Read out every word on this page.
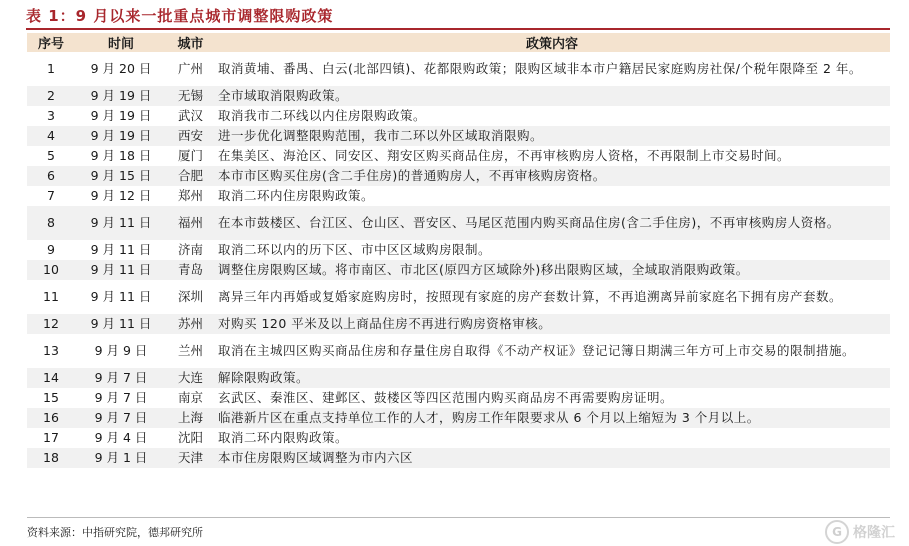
表 1：9 月以来一批重点城市调整限购政策
序号	时间	城市	政策内容
1	9 月 20 日	广州	取消黄埔、番禺、白云(北部四镇)、花都限购政策；限购区域非本市户籍居民家庭购房社保/个税年限降至 2 年。
2	9 月 19 日	无锡	全市域取消限购政策。
3	9 月 19 日	武汉	取消我市二环线以内住房限购政策。
4	9 月 19 日	西安	进一步优化调整限购范围，我市二环以外区域取消限购。
5	9 月 18 日	厦门	在集美区、海沧区、同安区、翔安区购买商品住房，不再审核购房人资格，不再限制上市交易时间。
6	9 月 15 日	合肥	本市市区购买住房(含二手住房)的普通购房人，不再审核购房资格。
7	9 月 12 日	郑州	取消二环内住房限购政策。
8	9 月 11 日	福州	在本市鼓楼区、台江区、仓山区、晋安区、马尾区范围内购买商品住房(含二手住房)，不再审核购房人资格。
9	9 月 11 日	济南	取消二环以内的历下区、市中区区域购房限制。
10	9 月 11 日	青岛	调整住房限购区域。将市南区、市北区(原四方区域除外)移出限购区域，全域取消限购政策。
11	9 月 11 日	深圳	离异三年内再婚或复婚家庭购房时，按照现有家庭的房产套数计算，不再追溯离异前家庭名下拥有房产套数。
12	9 月 11 日	苏州	对购买 120 平米及以上商品住房不再进行购房资格审核。
13	9 月 9 日	兰州	取消在主城四区购买商品住房和存量住房自取得《不动产权证》登记记簿日期满三年方可上市交易的限制措施。
14	9 月 7 日	大连	解除限购政策。
15	9 月 7 日	南京	玄武区、秦淮区、建邺区、鼓楼区等四区范围内购买商品房不再需要购房证明。
16	9 月 7 日	上海	临港新片区在重点支持单位工作的人才，购房工作年限要求从 6 个月以上缩短为 3 个月以上。
17	9 月 4 日	沈阳	取消二环内限购政策。
18	9 月 1 日	天津	本市住房限购区域调整为市内六区
资料来源：中指研究院，德邦研究所	G 格隆汇
